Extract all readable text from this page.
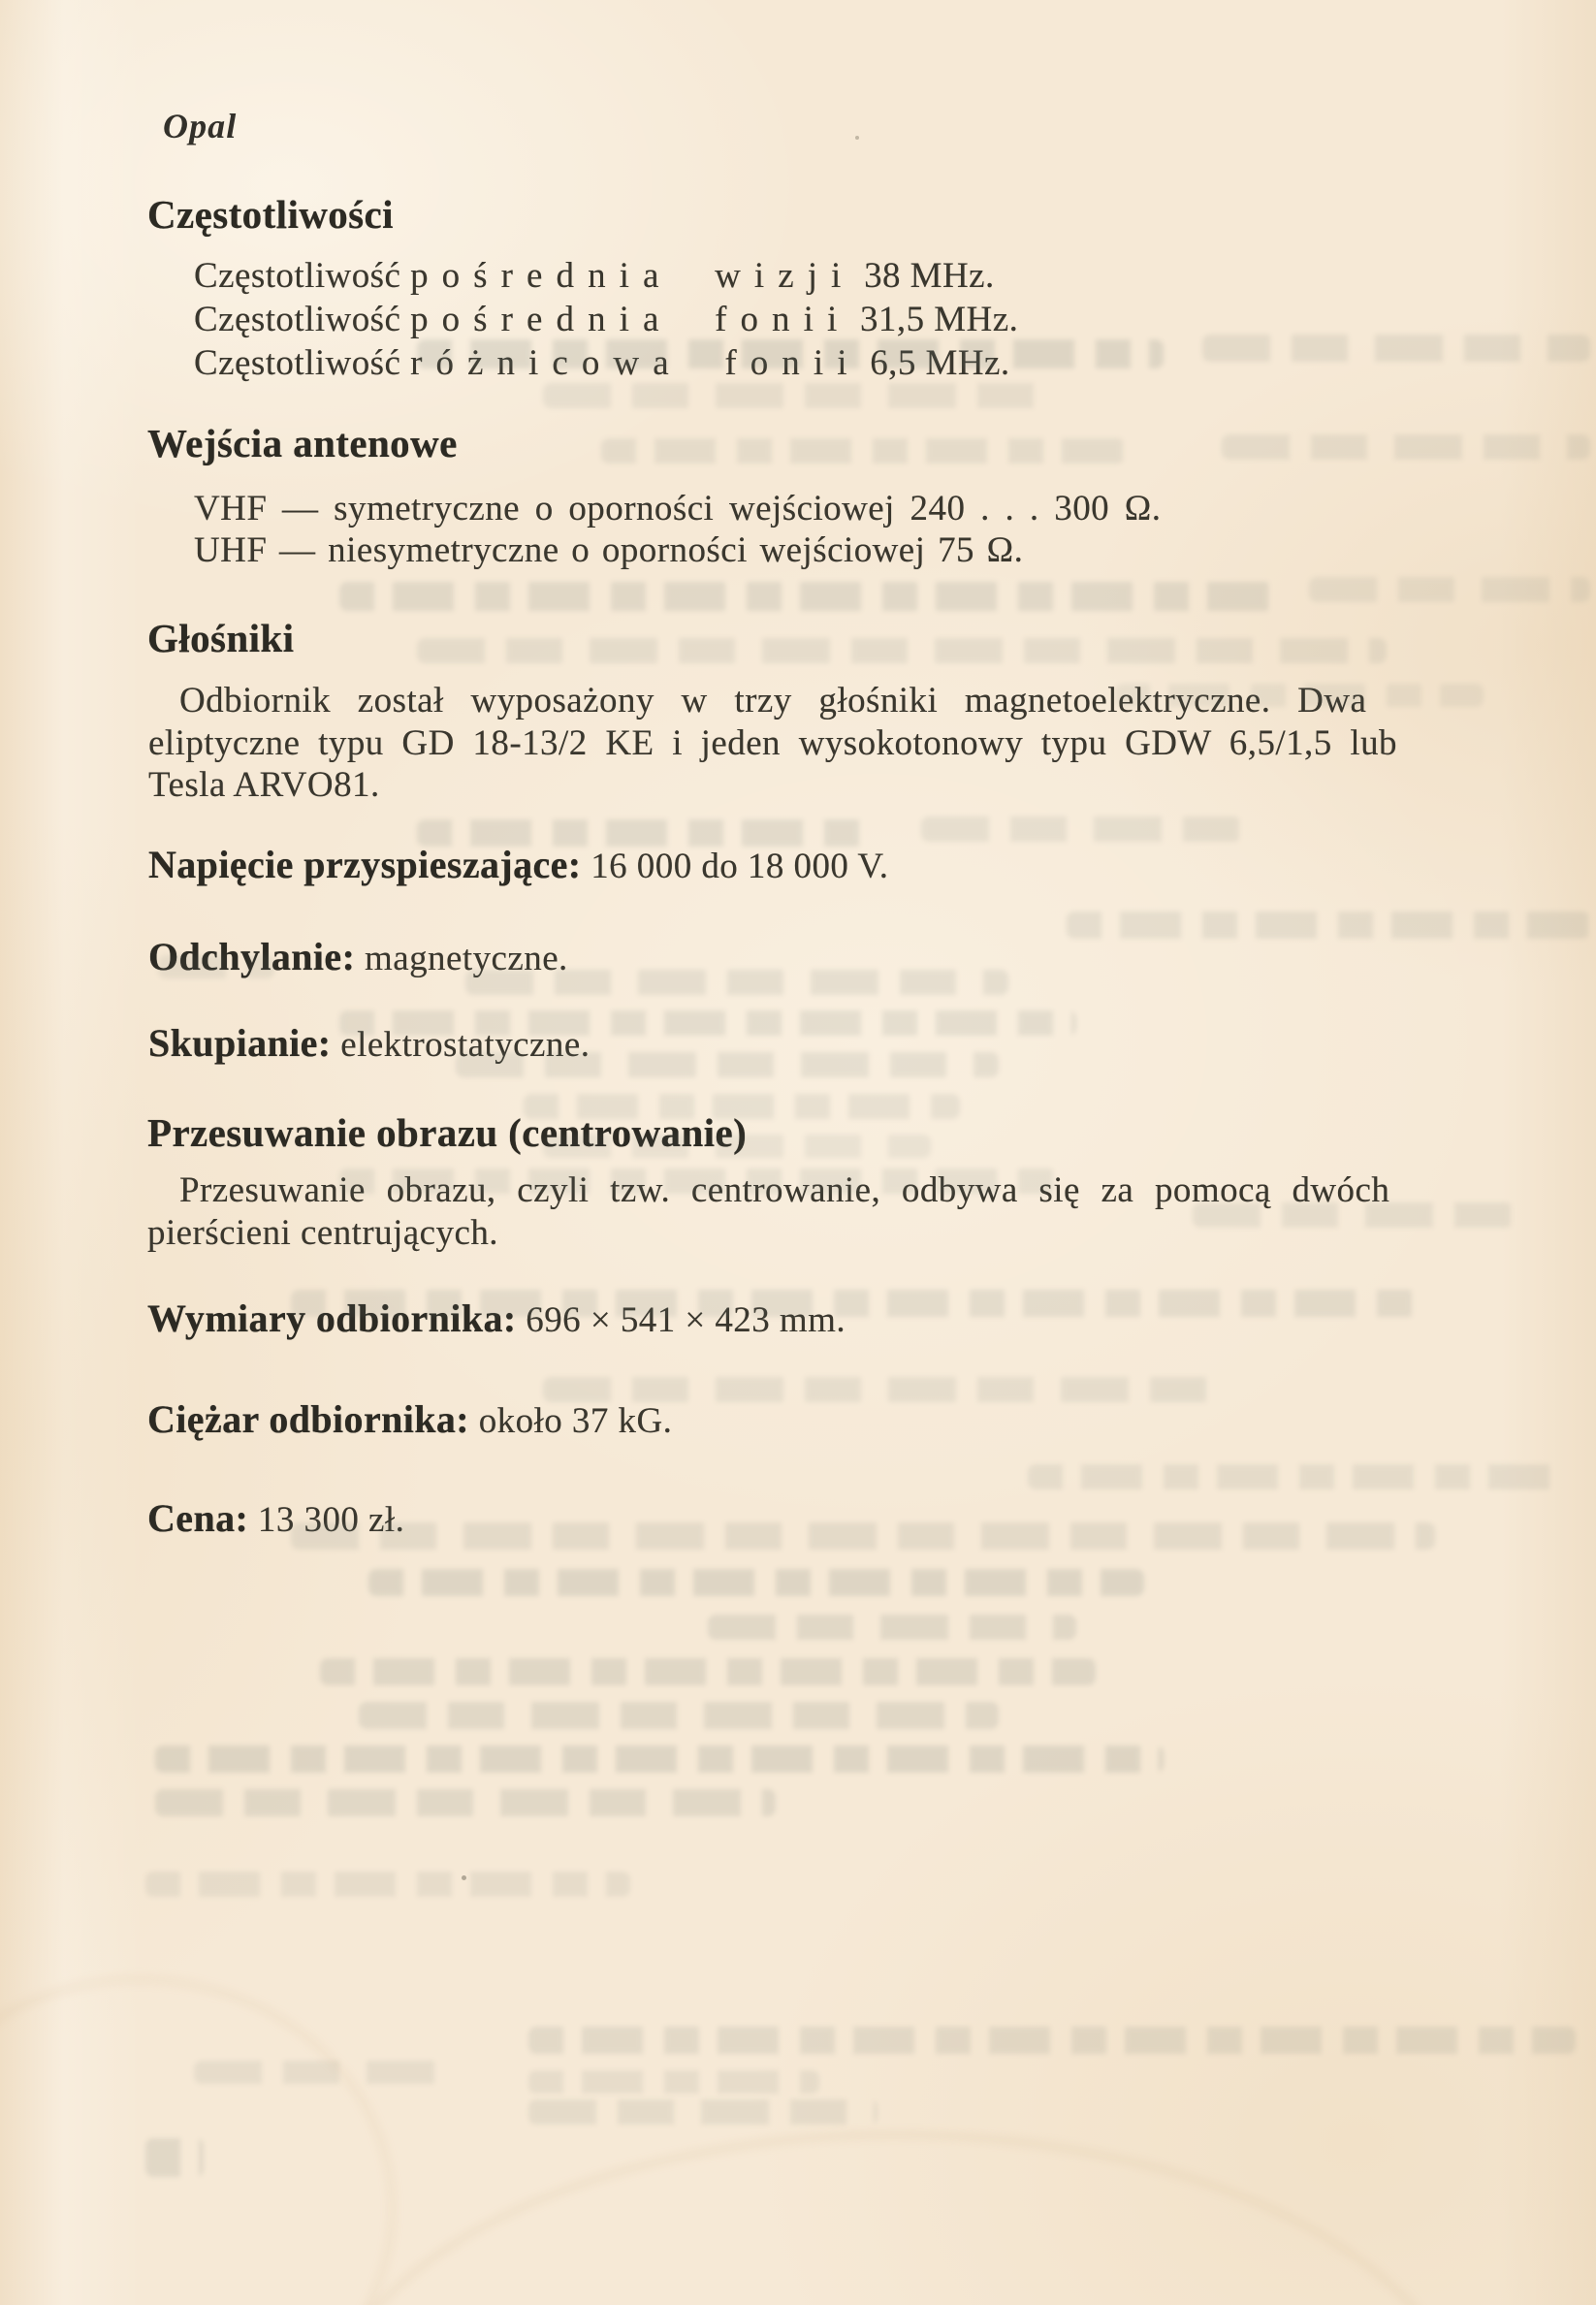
Opal
Częstotliwości
Częstotliwość pośrednia wizji 38 MHz.
Częstotliwość pośrednia fonii 31,5 MHz.
Częstotliwość różnicowa fonii 6,5 MHz.
Wejścia antenowe
VHF — symetryczne o oporności wejściowej 240 . . . 300 Ω.
UHF — niesymetryczne o oporności wejściowej 75 Ω.
Głośniki
Odbiornik został wyposażony w trzy głośniki magnetoelektryczne. Dwa
eliptyczne typu GD 18-13/2 KE i jeden wysokotonowy typu GDW 6,5/1,5 lub
Tesla ARVO81.
Napięcie przyspieszające: 16 000 do 18 000 V.
Odchylanie: magnetyczne.
Skupianie: elektrostatyczne.
Przesuwanie obrazu (centrowanie)
Przesuwanie obrazu, czyli tzw. centrowanie, odbywa się za pomocą dwóch
pierścieni centrujących.
Wymiary odbiornika: 696 × 541 × 423 mm.
Ciężar odbiornika: około 37 kG.
Cena: 13 300 zł.
